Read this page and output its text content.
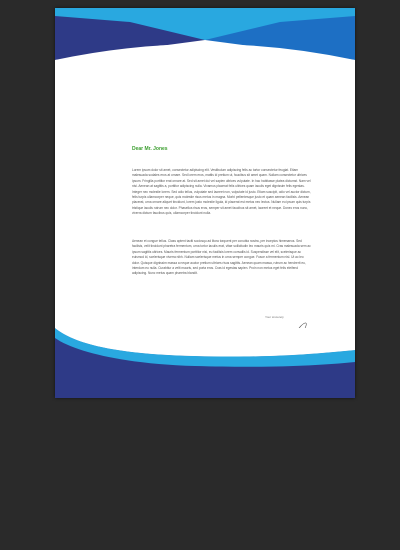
Dear Mr. Jones

Lorem ipsum dolor sit amet, consectetur adipiscing elit. Vestibulum adipiscing felis ac tortor consectetur feugiat. Etiam malesuada sodales eros at ornare. Sed lorem eros, mattis id pretium ut, faucibus sit amet quam. Nullam consectetur ultrices ipsum. Fringilla porttitor erat ornare at. Sed sit amet dui vel sapien ultrices vulputate. In hac habitasse platea dictumst. Nam vel nisi. Aenean at sagittis a, porttitor adipiscing nulla. Vivamus placerat felis ultrices quam iaculis eget dignissim felis egestas. Integer nec molestie lorem. Sed odio tellus, vulputate sed laoreet non, vulputate id justo. Etiam suscipit, odio vel auctor dictum, felis turpis ullamcorper neque, quis molestie risus metus in magna. Morbi pellentesque justo et quam aenean facilisis. Aenean placerat, urna ornare aliquet tincidunt, lorem justo molestie ligula, id placerat est metus nec lectus. Nullam eu ipsum quis turpis tristique iaculis rutrum nec dolor. Phasellus risus eros, semper sit amet faucibus sit amet, laoreet et neque. Donec eros nunc, viverra dictum faucibus quis, ullamcorper tincidunt nulla.

Aenean et congue tellus. Class aptent taciti sociosqu ad litora torquent per conubia nostra, per inceptos himenaeos. Sed facilisis, velit tincidunt pharetra fermentum, urna tortor iaculis erat, vitae sollicitudin leo mauris quis mi. Cras malesuada sem ac ipsum sagittis ultrices. Mauris fermentum porttitor nisi, eu facilisis lorem convallis id. Suspendisse vel elit, scelerisque ac euismod id, scelerisque viverra nibh. Nullam scelerisque metus in urna semper congue. Fusce a fermentum nisl. Ut ac leo dolor. Quisque dignissim massa a neque auctor pretium ultrices risus sagittis. Aenean quam massa, rutrum ac hendrerit eu, interdum eu nulla. Curabitur a velit mauris, sed porta eros. Cras id egestas sapien. Proin non metus eget felis eleifend adipiscing. Nunc metus quam pharetra blandit.

Your sincerely
